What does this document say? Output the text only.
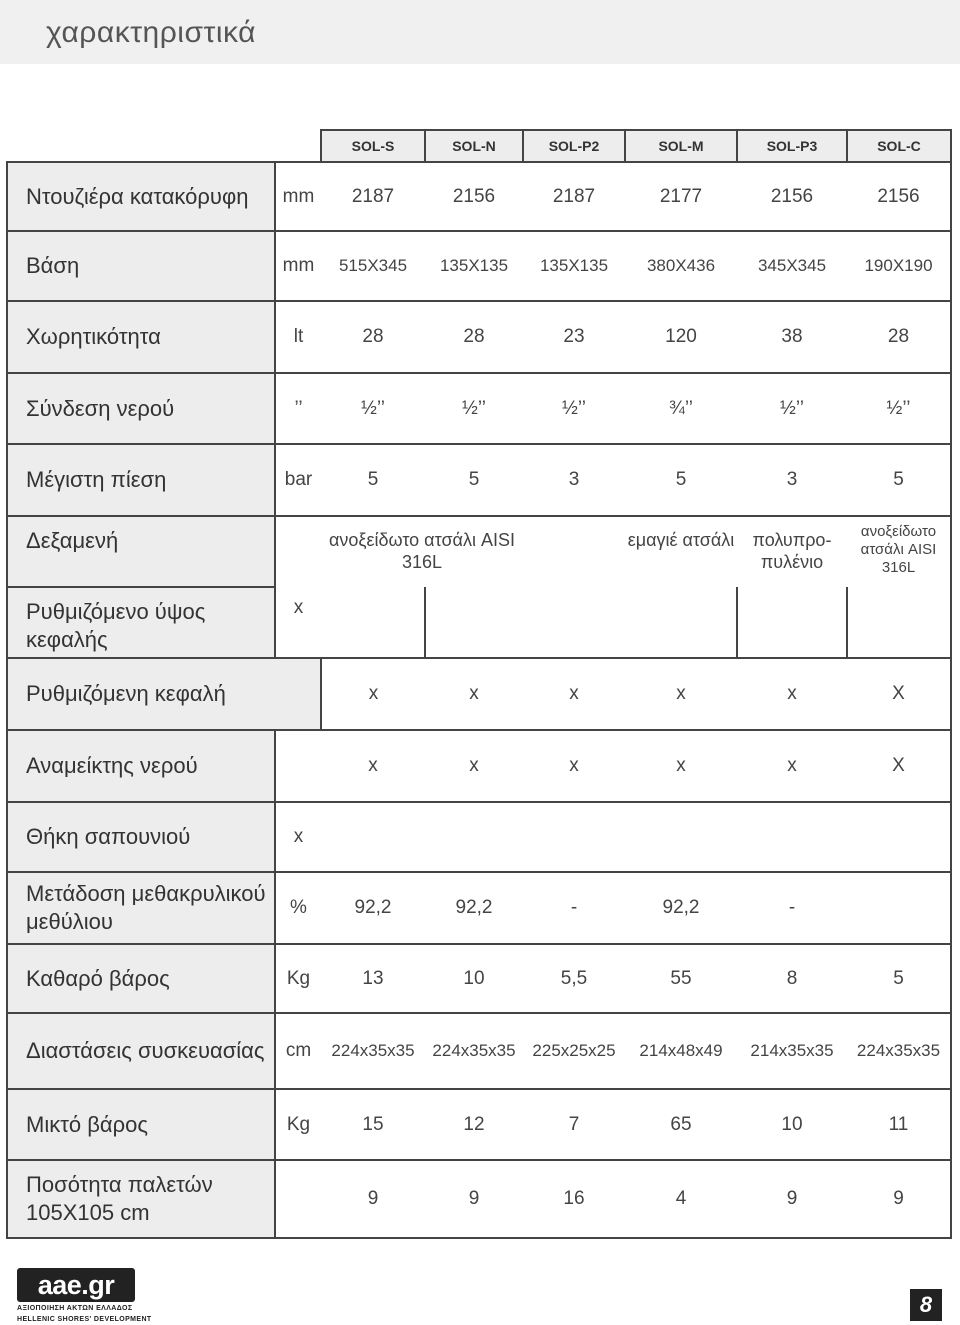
χαρακτηριστικά
		SOL-S	SOL-N	SOL-P2	SOL-M	SOL-P3	SOL-C
Ντουζιέρα κατακόρυφη	mm	2187	2156	2187	2177	2156	2156
Βάση	mm	515X345	135X135	135X135	380X436	345X345	190X190
Χωρητικότητα	lt	28	28	23	120	38	28
Σύνδεση νερού	’’	½’’	½’’	½’’	¾’’	½’’	½’’
Μέγιστη πίεση	bar	5	5	3	5	3	5
Δεξαμενή		ανοξείδωτο ατσάλι AISI 316L			εμαγιέ ατσάλι	πολυπρο-πυλένιο	ανοξείδωτο ατσάλι AISI 316L
Ρυθμιζόμενο ύψος κεφαλής	x						
Ρυθμιζόμενη κεφαλή		x	x	x	x	x	X
Αναμείκτης νερού		x	x	x	x	x	X
Θήκη σαπουνιού	x						
Μετάδοση μεθακρυλικού μεθύλιου	%	92,2	92,2	-	92,2	-	
Καθαρό βάρος	Kg	13	10	5,5	55	8	5
Διαστάσεις συσκευασίας	cm	224x35x35	224x35x35	225x25x25	214x48x49	214x35x35	224x35x35
Μικτό βάρος	Kg	15	12	7	65	10	11
Ποσότητα παλετών 105X105 cm		9	9	16	4	9	9
aae.gr
ΑΞΙΟΠΟΙΗΣΗ ΑΚΤΩΝ ΕΛΛΑΔΟΣ
HELLENIC SHORES' DEVELOPMENT
8
